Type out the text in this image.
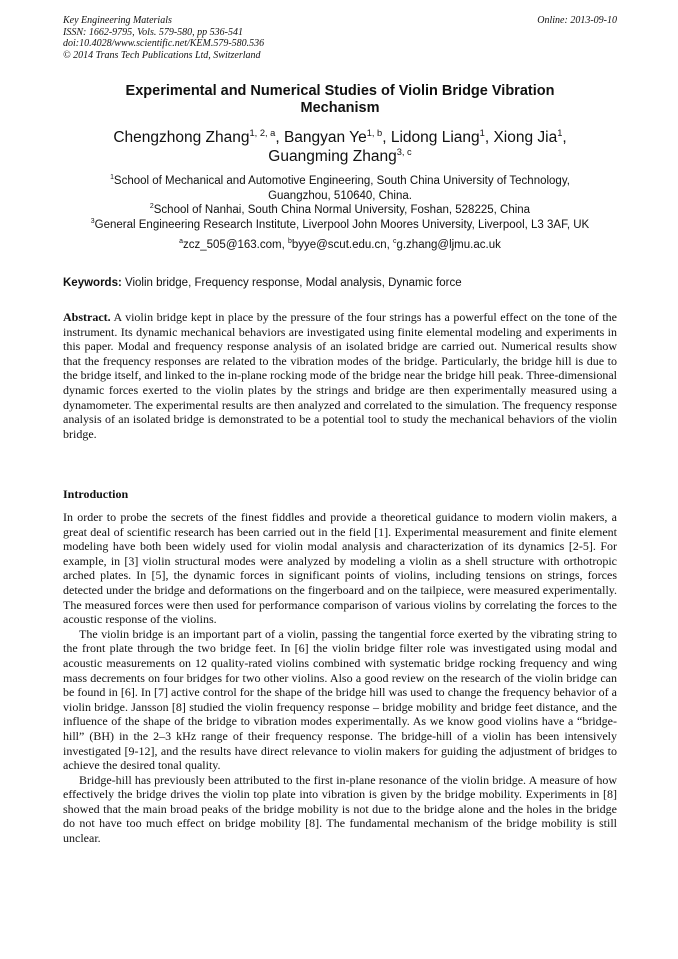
Key Engineering Materials
ISSN: 1662-9795, Vols. 579-580, pp 536-541
doi:10.4028/www.scientific.net/KEM.579-580.536
© 2014 Trans Tech Publications Ltd, Switzerland
Online: 2013-09-10
Experimental and Numerical Studies of Violin Bridge Vibration Mechanism
Chengzhong Zhang$^{1, 2, a}$, Bangyan Ye$^{1, b}$, Lidong Liang$^1$, Xiong Jia$^1$,
Guangming Zhang$^{3, c}$
$^1$School of Mechanical and Automotive Engineering, South China University of Technology,
Guangzhou, 510640, China.
$^2$School of Nanhai, South China Normal University, Foshan, 528225, China
$^3$General Engineering Research Institute, Liverpool John Moores University, Liverpool, L3 3AF, UK
$^a$zcz_505@163.com, $^b$byye@scut.edu.cn, $^c$g.zhang@ljmu.ac.uk
Keywords: Violin bridge, Frequency response, Modal analysis, Dynamic force
Abstract. A violin bridge kept in place by the pressure of the four strings has a powerful effect on the tone of the instrument. Its dynamic mechanical behaviors are investigated using finite elemental modeling and experiments in this paper. Modal and frequency response analysis of an isolated bridge are carried out. Numerical results show that the frequency responses are related to the vibration modes of the bridge. Particularly, the bridge hill is due to the bridge itself, and linked to the in-plane rocking mode of the bridge near the bridge hill peak. Three-dimensional dynamic forces exerted to the violin plates by the strings and bridge are then experimentally measured using a dynamometer. The experimental results are then analyzed and correlated to the simulation. The frequency response analysis of an isolated bridge is demonstrated to be a potential tool to study the mechanical behaviors of the violin bridge.
Introduction

In order to probe the secrets of the finest fiddles and provide a theoretical guidance to modern violin makers, a great deal of scientific research has been carried out in the field [1]. Experimental measurement and finite element modeling have both been widely used for violin modal analysis and characterization of its dynamics [2-5]. For example, in [3] violin structural modes were analyzed by modeling a violin as a shell structure with orthotropic arched plates. In [5], the dynamic forces in significant points of violins, including tensions on strings, forces detected under the bridge and deformations on the fingerboard and on the tailpiece, were measured experimentally. The measured forces were then used for performance comparison of various violins by correlating the forces to the acoustic response of the violins.

The violin bridge is an important part of a violin, passing the tangential force exerted by the vibrating string to the front plate through the two bridge feet. In [6] the violin bridge filter role was investigated using modal and acoustic measurements on 12 quality-rated violins combined with systematic bridge rocking frequency and wing mass decrements on four bridges for two other violins. Also a good review on the research of the violin bridge can be found in [6]. In [7] active control for the shape of the bridge hill was used to change the frequency behavior of a violin bridge. Jansson [8] studied the violin frequency response – bridge mobility and bridge feet distance, and the influence of the shape of the bridge to vibration modes experimentally. As we know good violins have a “bridge-hill” (BH) in the 2–3 kHz range of their frequency response. The bridge-hill of a violin has been intensively investigated [9-12], and the results have direct relevance to violin makers for guiding the adjustment of bridges to achieve the desired tonal quality.

Bridge-hill has previously been attributed to the first in-plane resonance of the violin bridge. A measure of how effectively the bridge drives the violin top plate into vibration is given by the bridge mobility. Experiments in [8] showed that the main broad peaks of the bridge mobility is not due to the bridge alone and the holes in the bridge do not have too much effect on bridge mobility [8]. The fundamental mechanism of the bridge mobility is still unclear.
